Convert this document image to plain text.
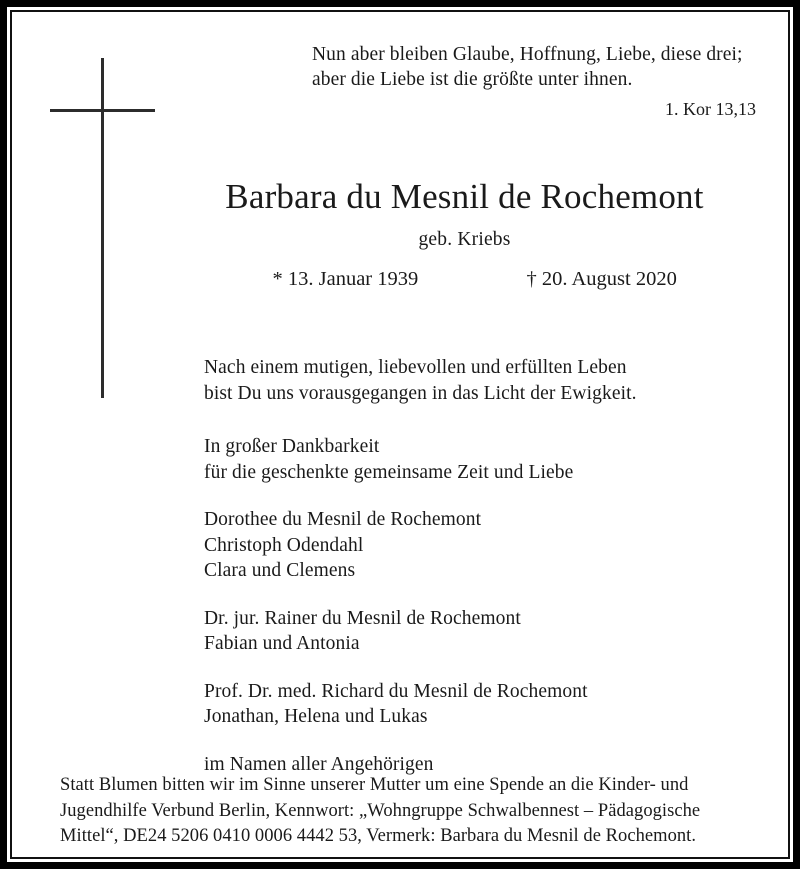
Nun aber bleiben Glaube, Hoffnung, Liebe, diese drei;
aber die Liebe ist die größte unter ihnen.
1. Kor 13,13
Barbara du Mesnil de Rochemont
geb. Kriebs
* 13. Januar 1939	† 20. August 2020
Nach einem mutigen, liebevollen und erfüllten Leben
bist Du uns vorausgegangen in das Licht der Ewigkeit.
In großer Dankbarkeit
für die geschenkte gemeinsame Zeit und Liebe
Dorothee du Mesnil de Rochemont
Christoph Odendahl
Clara und Clemens
Dr. jur. Rainer du Mesnil de Rochemont
Fabian und Antonia
Prof. Dr. med. Richard du Mesnil de Rochemont
Jonathan, Helena und Lukas
im Namen aller Angehörigen
Statt Blumen bitten wir im Sinne unserer Mutter um eine Spende an die Kinder- und
Jugendhilfe Verbund Berlin, Kennwort: „Wohngruppe Schwalbennest – Pädagogische
Mittel“, DE24 5206 0410 0006 4442 53, Vermerk: Barbara du Mesnil de Rochemont.
